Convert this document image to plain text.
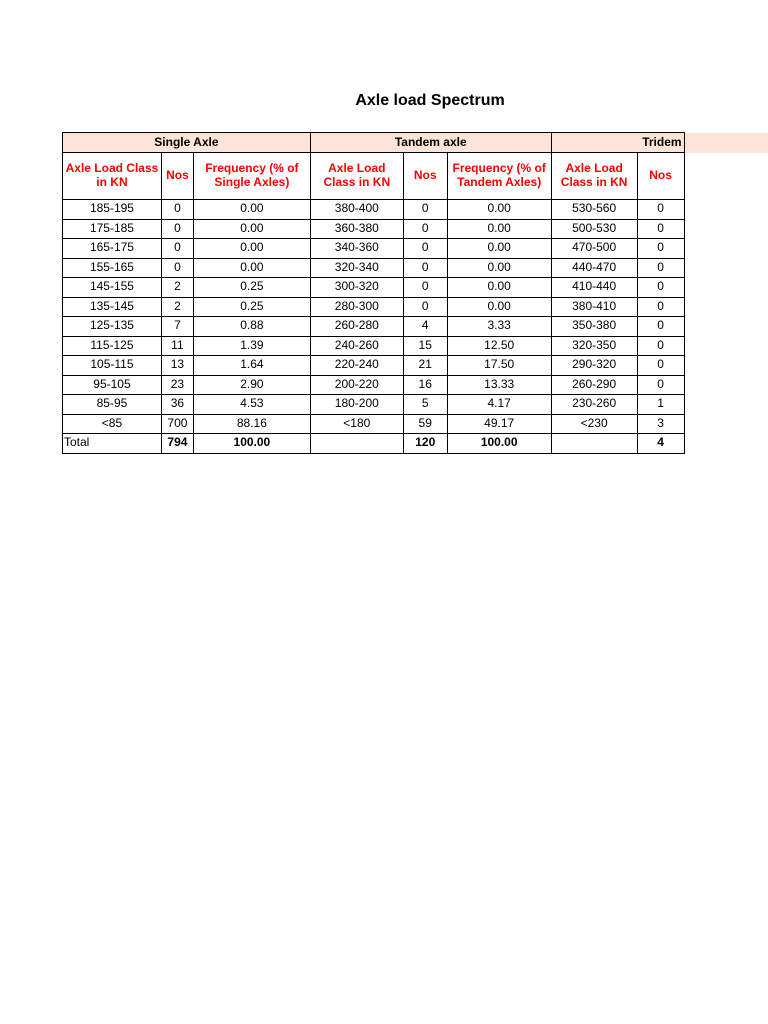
Axle load Spectrum
Single Axle			Tandem axle			Tridem		
Axle Load Class in KN	Nos	Frequency (% of Single Axles)	Axle Load Class in KN	Nos	Frequency (% of Tandem Axles)	Axle Load Class in KN	Nos	
185-195	0	0.00	380-400	0	0.00	530-560	0	
175-185	0	0.00	360-380	0	0.00	500-530	0	
165-175	0	0.00	340-360	0	0.00	470-500	0	
155-165	0	0.00	320-340	0	0.00	440-470	0	
145-155	2	0.25	300-320	0	0.00	410-440	0	
135-145	2	0.25	280-300	0	0.00	380-410	0	
125-135	7	0.88	260-280	4	3.33	350-380	0	
115-125	11	1.39	240-260	15	12.50	320-350	0	
105-115	13	1.64	220-240	21	17.50	290-320	0	
95-105	23	2.90	200-220	16	13.33	260-290	0	
85-95	36	4.53	180-200	5	4.17	230-260	1	
<85	700	88.16	<180	59	49.17	<230	3	
Total	794	100.00		120	100.00		4	
